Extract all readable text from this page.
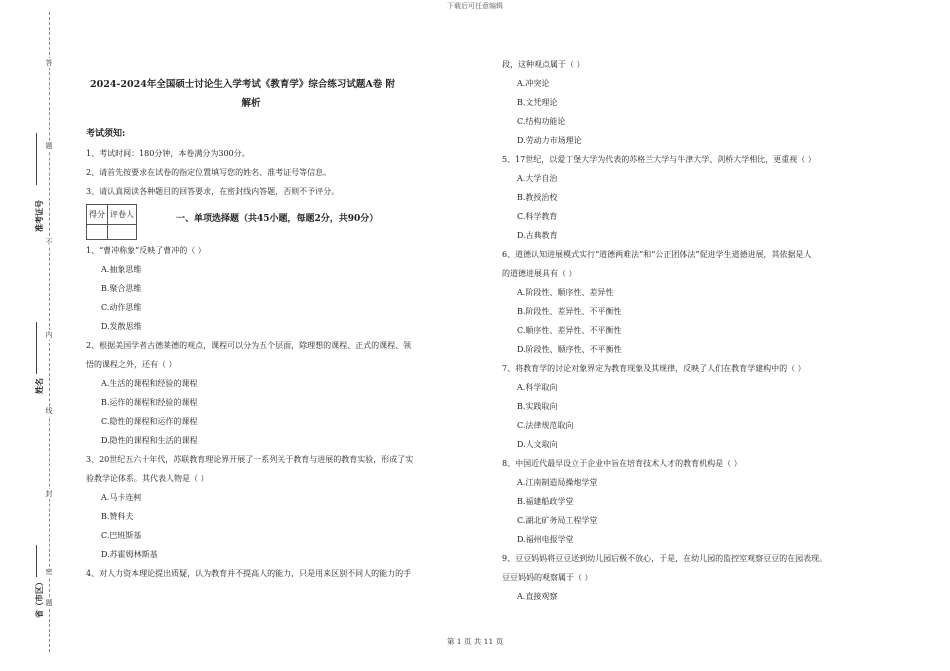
下载后可任意编辑
答
题
不
内
线
封
密
题
准考证号
姓名
省（市区）
2024-2024年全国硕士讨论生入学考试《教育学》综合练习试题A卷 附
解析
考试须知:
1、考试时间：180分钟，本卷满分为300分。
2、请首先按要求在试卷的指定位置填写您的姓名、准考证号等信息。
3、请认真阅读各种题目的回答要求，在密封线内答题，否则不予评分。
得分	评卷人
		一、单项选择题（共45小题，每题2分，共90分）
1、“曹冲称象”反映了曹冲的（ ）
A.抽象思维
B.聚合思维
C.动作思维
D.发散思维
2、根据美国学者古德莱德的观点，课程可以分为五个层面，除理想的课程、正式的课程、领
悟的课程之外，还有（ ）
A.生活的课程和经验的课程
B.运作的课程和经验的课程
C.隐性的课程和运作的课程
D.隐性的课程和生活的课程
3、20世纪五六十年代，苏联教育理论界开展了一系列关于教育与进展的教育实验，形成了实
验教学论体系。其代表人物是（ ）
A.马卡连柯
B.赞科夫
C.巴班斯基
D.苏霍姆林斯基
4、对人力资本理论提出质疑，认为教育并不提高人的能力，只是用来区别不同人的能力的手
段，这种观点属于（ ）
A.冲突论
B.文凭理论
C.结构功能论
D.劳动力市场理论
5、17世纪，以爱丁堡大学为代表的苏格兰大学与牛津大学、剑桥大学相比，更重视（ ）
A.大学自治
B.教授治校
C.科学教育
D.古典教育
6、道德认知进展模式实行“道德两难法”和“公正团体法”促进学生道德进展，其依据是人
的道德进展具有（ ）
A.阶段性、顺序性、差异性
B.阶段性、差异性、不平衡性
C.顺序性、差异性、不平衡性
D.阶段性、顺序性、不平衡性
7、将教育学的讨论对象界定为教育现象及其规律，反映了人们在教育学建构中的（ ）
A.科学取向
B.实践取向
C.法律规范取向
D.人文取向
8、中国近代最早设立于企业中旨在培育技术人才的教育机构是（ ）
A.江南制造局操炮学堂
B.福建船政学堂
C.湖北矿务局工程学堂
D.福州电报学堂
9、豆豆妈妈将豆豆送到幼儿园后极不放心，于是，在幼儿园的监控室观察豆豆的在园表现。
豆豆妈妈的观察属于（ ）
A.直接观察
第 1 页 共 11 页
